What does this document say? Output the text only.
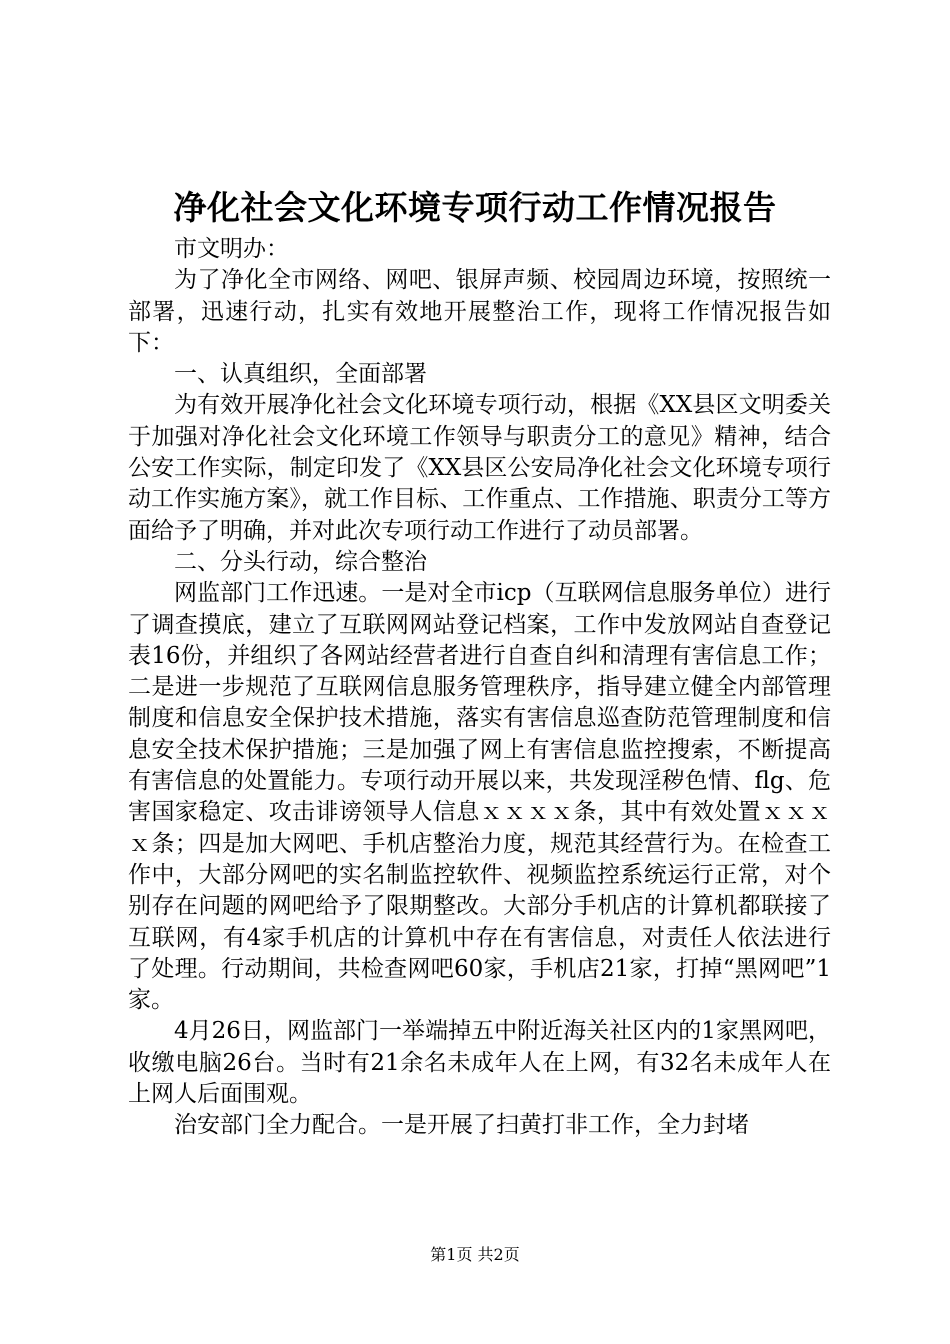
净化社会文化环境专项行动工作情况报告

市文明办：

为了净化全市网络、网吧、银屏声频、校园周边环境，按照统一部署，迅速行动，扎实有效地开展整治工作，现将工作情况报告如下：

一、认真组织，全面部署

为有效开展净化社会文化环境专项行动，根据《XX县区文明委关于加强对净化社会文化环境工作领导与职责分工的意见》精神，结合公安工作实际，制定印发了《XX县区公安局净化社会文化环境专项行动工作实施方案》，就工作目标、工作重点、工作措施、职责分工等方面给予了明确，并对此次专项行动工作进行了动员部署。

二、分头行动，综合整治

网监部门工作迅速。一是对全市icp（互联网信息服务单位）进行了调查摸底，建立了互联网网站登记档案，工作中发放网站自查登记表16份，并组织了各网站经营者进行自查自纠和清理有害信息工作；二是进一步规范了互联网信息服务管理秩序，指导建立健全内部管理制度和信息安全保护技术措施，落实有害信息巡查防范管理制度和信息安全技术保护措施；三是加强了网上有害信息监控搜索，不断提高有害信息的处置能力。专项行动开展以来，共发现淫秽色情、flg、危害国家稳定、攻击诽谤领导人信息ｘｘｘｘ条，其中有效处置ｘｘｘｘ条；四是加大网吧、手机店整治力度，规范其经营行为。在检查工作中，大部分网吧的实名制监控软件、视频监控系统运行正常，对个别存在问题的网吧给予了限期整改。大部分手机店的计算机都联接了互联网，有4家手机店的计算机中存在有害信息，对责任人依法进行了处理。行动期间，共检查网吧60家，手机店21家，打掉“黑网吧”1家。

4月26日，网监部门一举端掉五中附近海关社区内的1家黑网吧，收缴电脑26台。当时有21余名未成年人在上网，有32名未成年人在上网人后面围观。

治安部门全力配合。一是开展了扫黄打非工作，全力封堵

第1页 共2页
